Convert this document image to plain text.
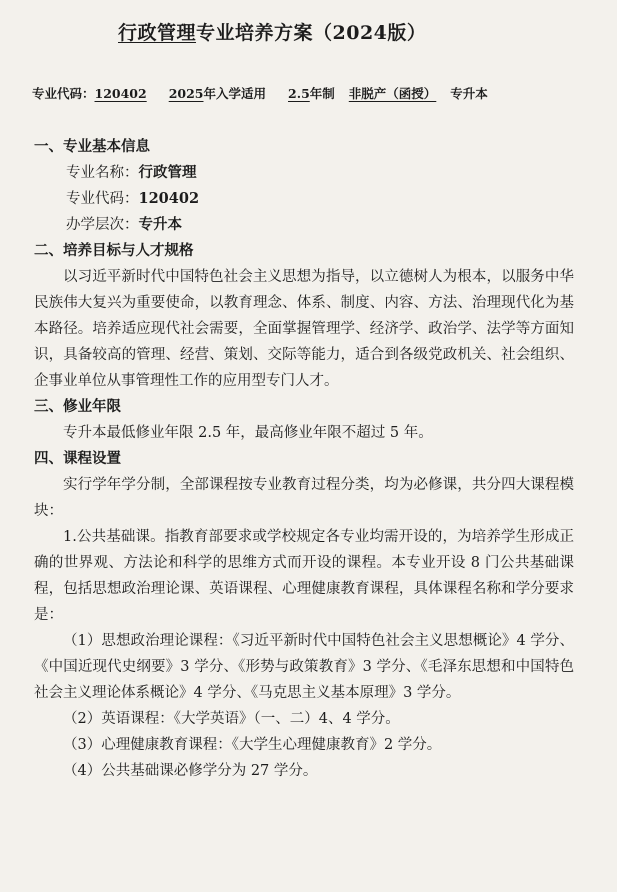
行政管理专业培养方案（2024版）
专业代码：120402 2025年入学适用 2.5年制 非脱产（函授） 专升本
一、专业基本信息
专业名称：行政管理
专业代码：120402
办学层次：专升本
二、培养目标与人才规格

以习近平新时代中国特色社会主义思想为指导，以立德树人为根本，以服务中华民族伟大复兴为重要使命，以教育理念、体系、制度、内容、方法、治理现代化为基本路径。培养适应现代社会需要，全面掌握管理学、经济学、政治学、法学等方面知识，具备较高的管理、经营、策划、交际等能力，适合到各级党政机关、社会组织、企事业单位从事管理性工作的应用型专门人才。

三、修业年限
专升本最低修业年限 2.5 年，最高修业年限不超过 5 年。
四、课程设置

实行学年学分制，全部课程按专业教育过程分类，均为必修课，共分四大课程模块：

1.公共基础课。指教育部要求或学校规定各专业均需开设的，为培养学生形成正确的世界观、方法论和科学的思维方式而开设的课程。本专业开设 8 门公共基础课程，包括思想政治理论课、英语课程、心理健康教育课程，具体课程名称和学分要求是：

（1）思想政治理论课程：《习近平新时代中国特色社会主义思想概论》4 学分、《中国近现代史纲要》3 学分、《形势与政策教育》3 学分、《毛泽东思想和中国特色社会主义理论体系概论》4 学分、《马克思主义基本原理》3 学分。

（2）英语课程：《大学英语》（一、二）4、4 学分。
（3）心理健康教育课程：《大学生心理健康教育》2 学分。
（4）公共基础课必修学分为 27 学分。
